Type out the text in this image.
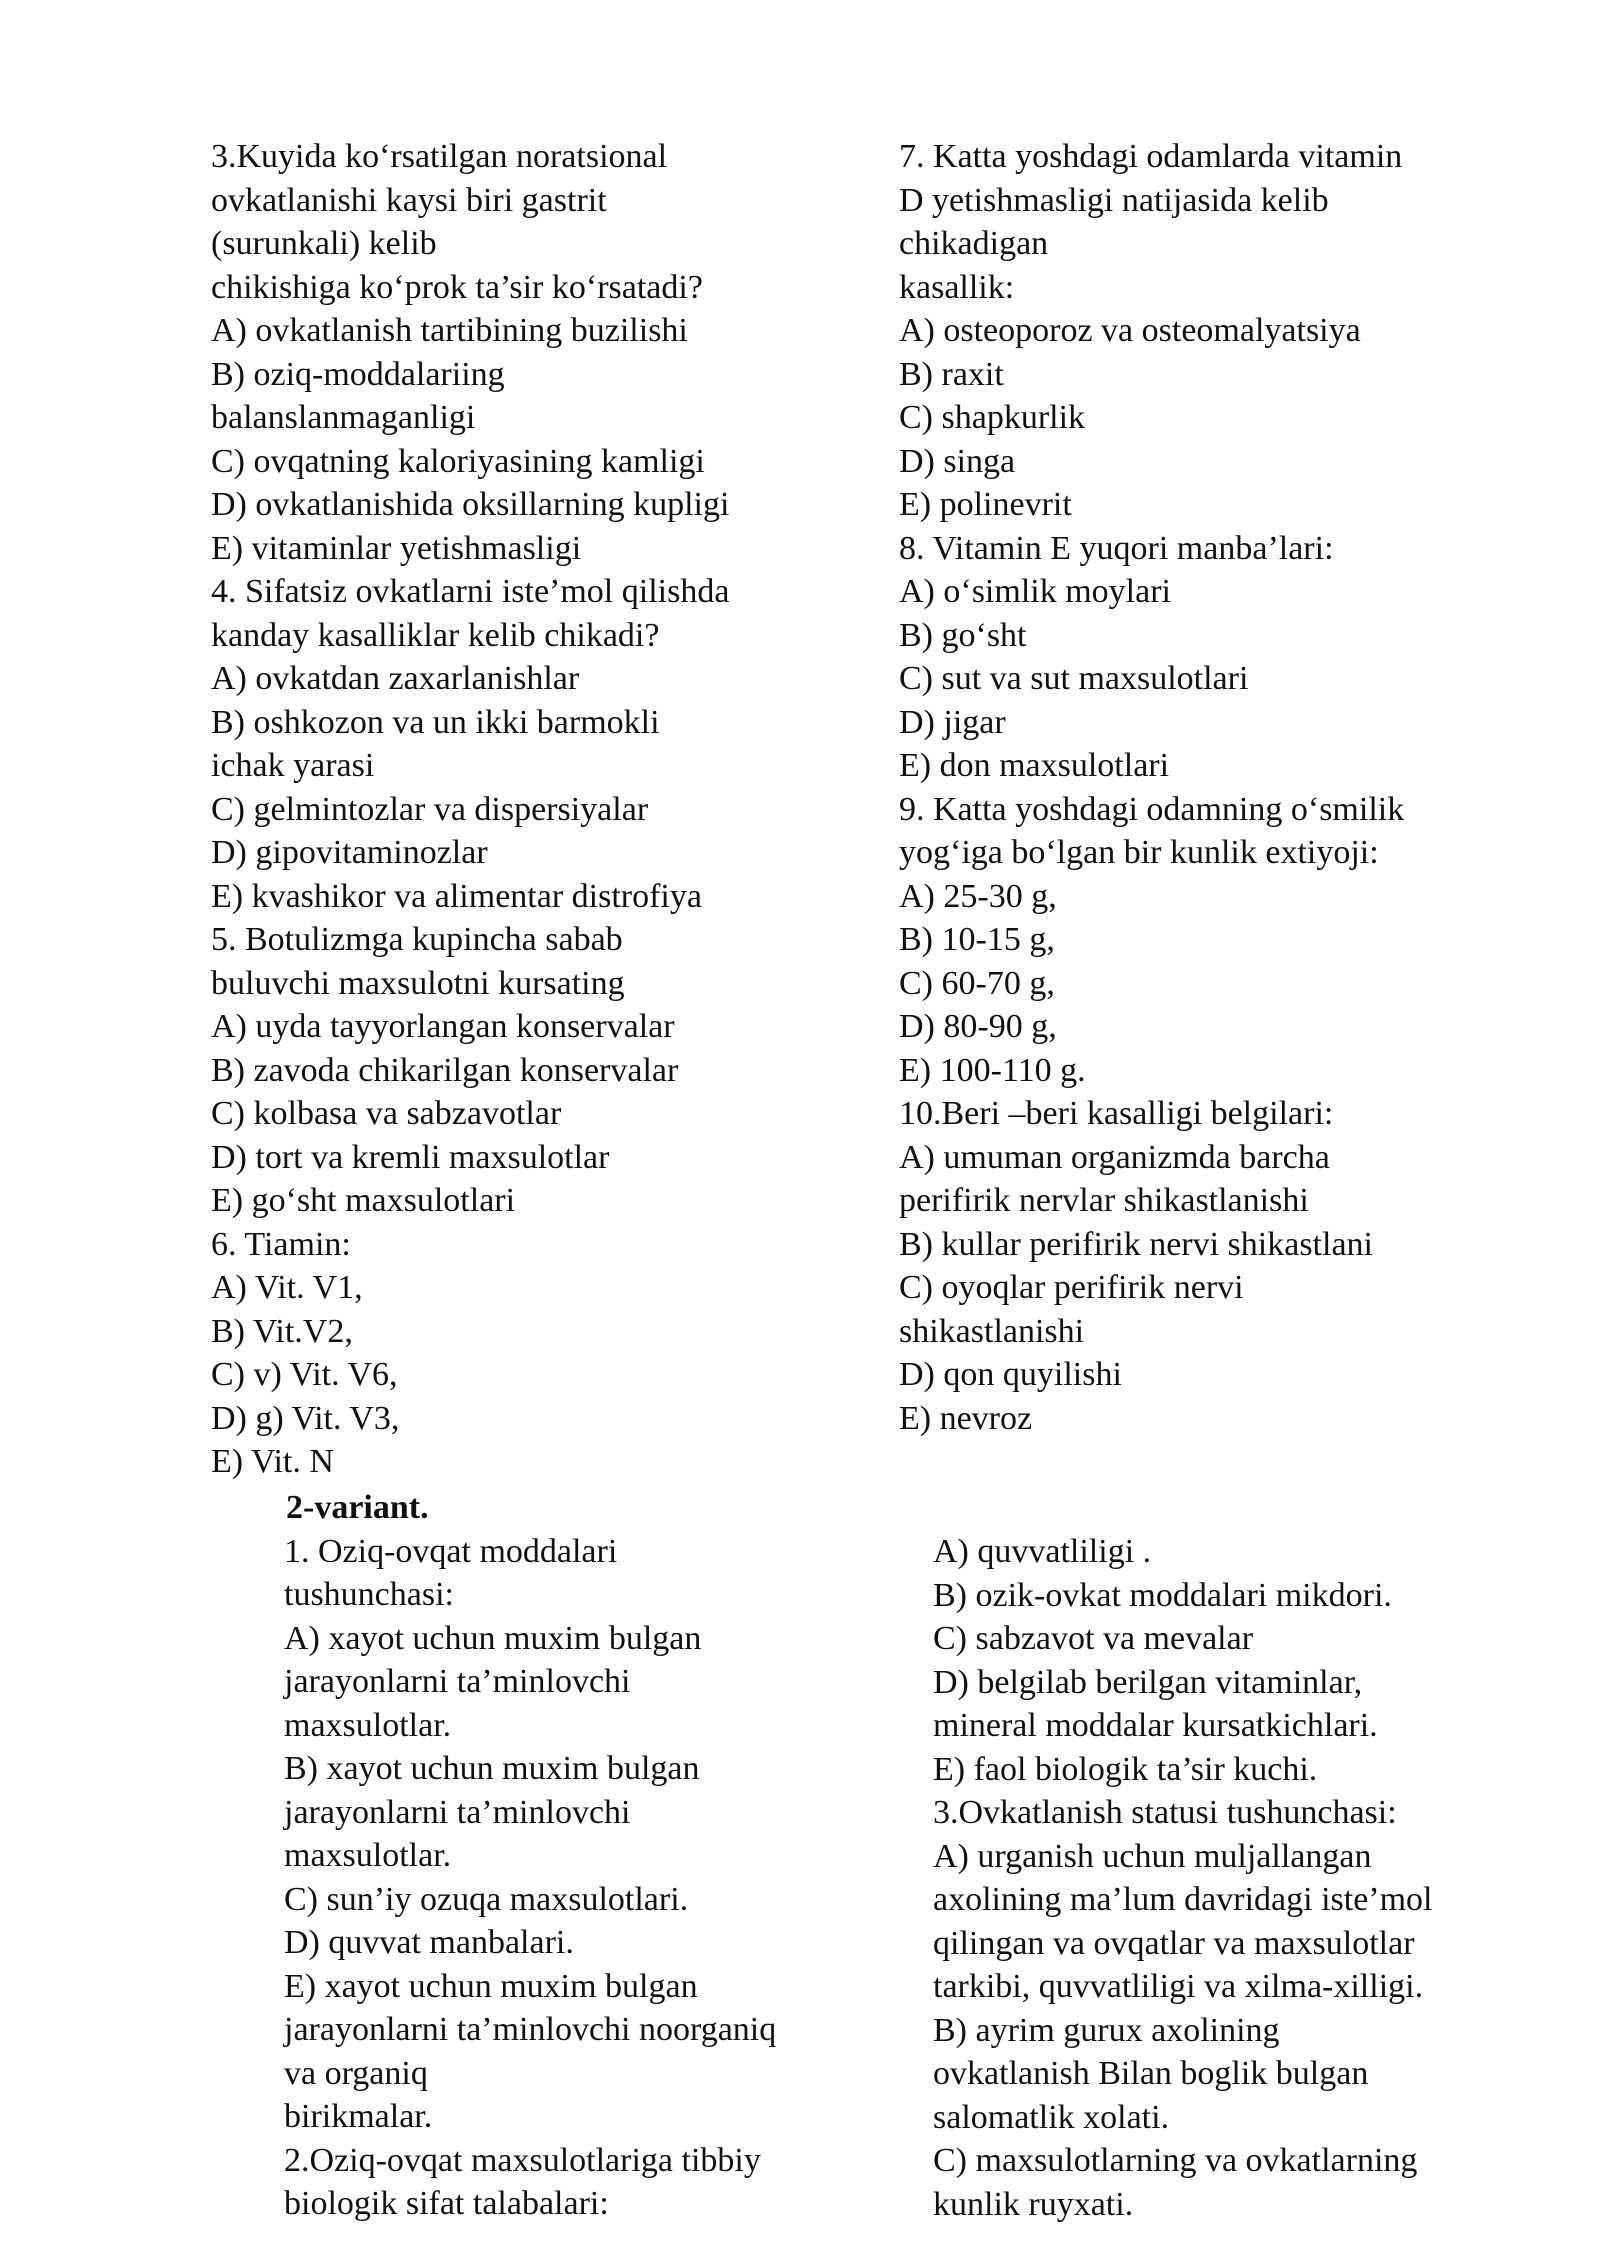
3.Kuyida ko‘rsatilgan noratsional
ovkatlanishi kaysi biri gastrit
(surunkali) kelib
chikishiga ko‘prok ta’sir ko‘rsatadi?
A) ovkatlanish tartibining buzilishi
B) oziq-moddalariing
balanslanmaganligi
C) ovqatning kaloriyasining kamligi
D) ovkatlanishida oksillarning kupligi
E) vitaminlar yetishmasligi
4. Sifatsiz ovkatlarni iste’mol qilishda
kanday kasalliklar kelib chikadi?
A) ovkatdan zaxarlanishlar
B) oshkozon va un ikki barmokli
ichak yarasi
C) gelmintozlar va dispersiyalar
D) gipovitaminozlar
E) kvashikor va alimentar distrofiya
5. Botulizmga kupincha sabab
buluvchi maxsulotni kursating
A) uyda tayyorlangan konservalar
B) zavoda chikarilgan konservalar
C) kolbasa va sabzavotlar
D) tort va kremli maxsulotlar
E) go‘sht maxsulotlari
6. Tiamin:
A) Vit. V1,
B) Vit.V2,
C) v) Vit. V6,
D) g) Vit. V3,
E) Vit. N
7. Katta yoshdagi odamlarda vitamin
D yetishmasligi natijasida kelib
chikadigan
kasallik:
A) osteoporoz va osteomalyatsiya
B) raxit
C) shapkurlik
D) singa
E) polinevrit
8. Vitamin E yuqori manba’lari:
A) o‘simlik moylari
B) go‘sht
C) sut va sut maxsulotlari
D) jigar
E) don maxsulotlari
9. Katta yoshdagi odamning o‘smilik
yog‘iga bo‘lgan bir kunlik extiyoji:
A) 25-30 g,
B) 10-15 g,
C) 60-70 g,
D) 80-90 g,
E) 100-110 g.
10.Beri –beri kasalligi belgilari:
A) umuman organizmda barcha
perifirik nervlar shikastlanishi
B) kullar perifirik nervi shikastlani
C) oyoqlar perifirik nervi
shikastlanishi
D) qon quyilishi
E) nevroz
2-variant.
1. Oziq-ovqat moddalari
tushunchasi:
A) xayot uchun muxim bulgan
jarayonlarni ta’minlovchi
maxsulotlar.
B) xayot uchun muxim bulgan
jarayonlarni ta’minlovchi
maxsulotlar.
C) sun’iy ozuqa maxsulotlari.
D) quvvat manbalari.
E) xayot uchun muxim bulgan
jarayonlarni ta’minlovchi noorganiq
va organiq
birikmalar.
2.Oziq-ovqat maxsulotlariga tibbiy
biologik sifat talabalari:
A) quvvatliligi .
B) ozik-ovkat moddalari mikdori.
C) sabzavot va mevalar
D) belgilab berilgan vitaminlar,
mineral moddalar kursatkichlari.
E) faol biologik ta’sir kuchi.
3.Ovkatlanish statusi tushunchasi:
A) urganish uchun muljallangan
axolining ma’lum davridagi iste’mol
qilingan va ovqatlar va maxsulotlar
tarkibi, quvvatliligi va xilma-xilligi.
B) ayrim gurux axolining
ovkatlanish Bilan boglik bulgan
salomatlik xolati.
C) maxsulotlarning va ovkatlarning
kunlik ruyxati.
